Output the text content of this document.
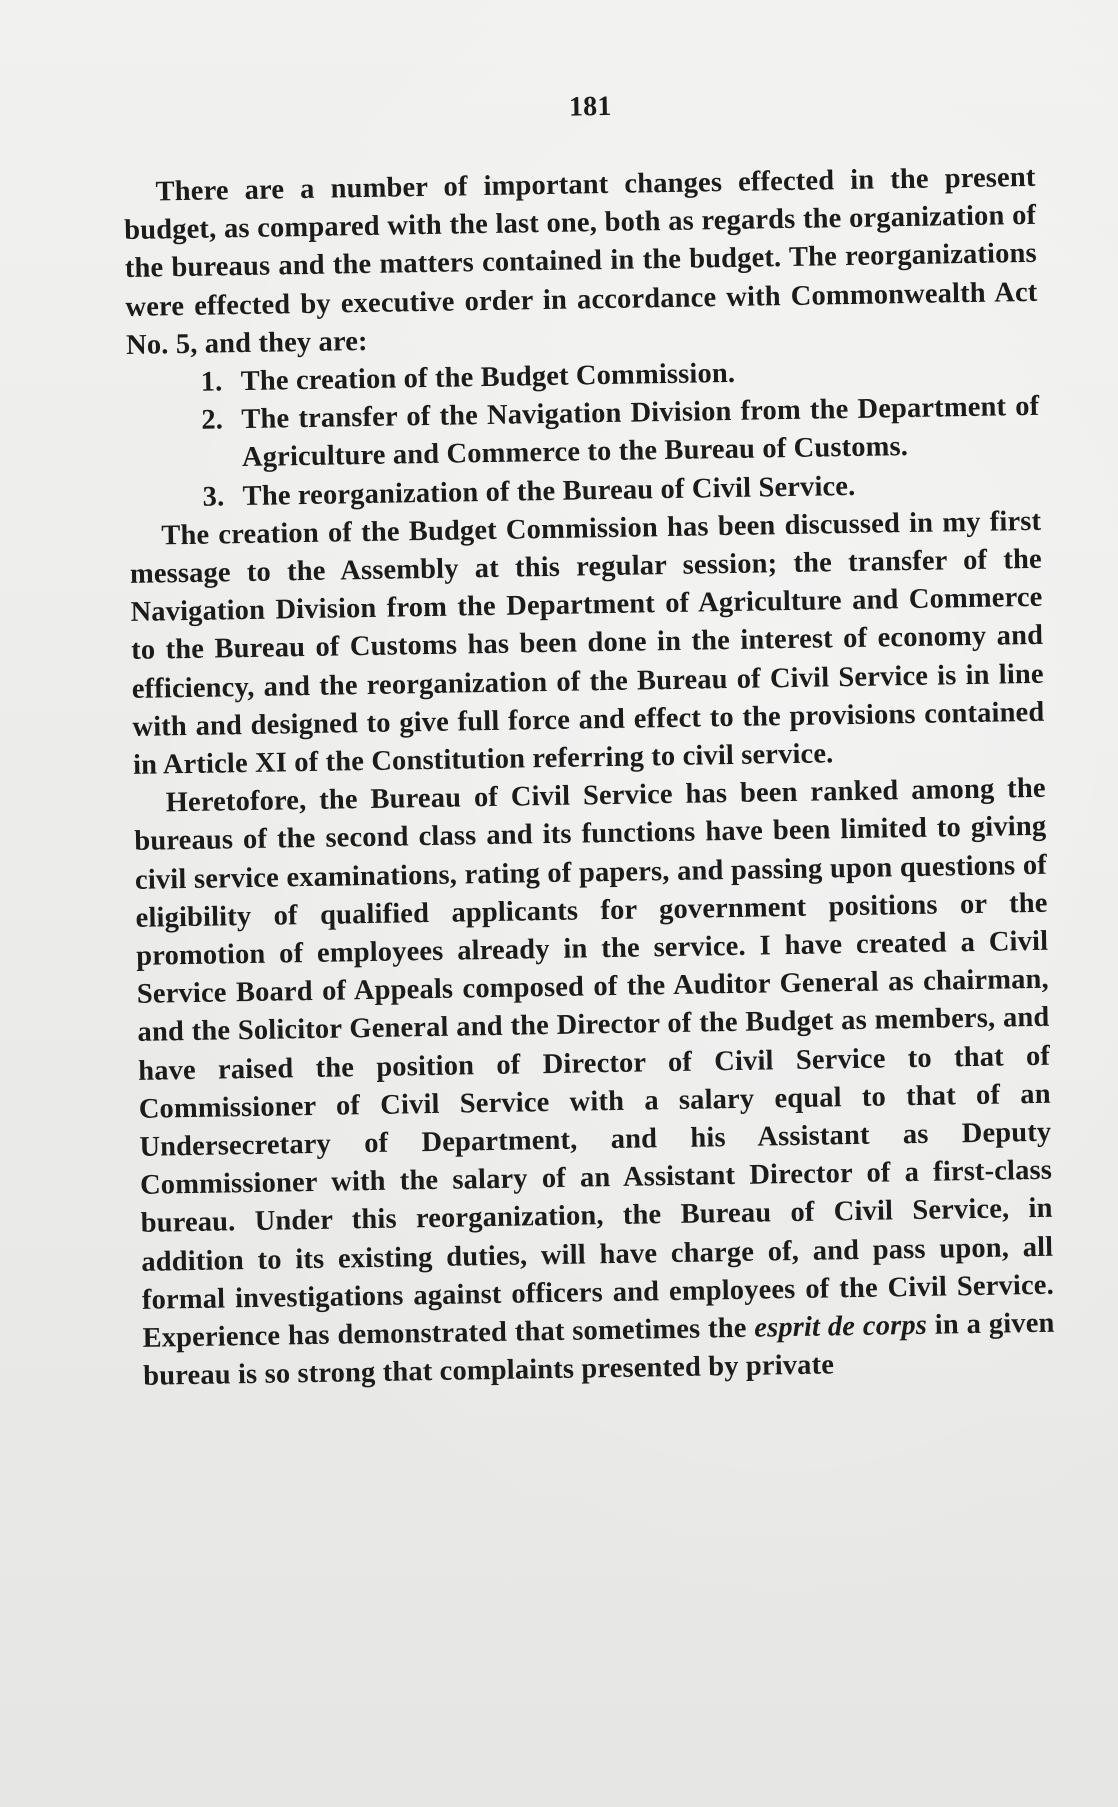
181

There are a number of important changes effected in the present budget, as compared with the last one, both as regards the organization of the bureaus and the matters contained in the budget. The reorganizations were effected by executive order in accordance with Commonwealth Act No. 5, and they are:

1. The creation of the Budget Commission.
2. The transfer of the Navigation Division from the Department of Agriculture and Commerce to the Bureau of Customs.
3. The reorganization of the Bureau of Civil Service.

The creation of the Budget Commission has been discussed in my first message to the Assembly at this regular session; the transfer of the Navigation Division from the Department of Agriculture and Commerce to the Bureau of Customs has been done in the interest of economy and efficiency, and the reorganization of the Bureau of Civil Service is in line with and designed to give full force and effect to the provisions contained in Article XI of the Constitution referring to civil service.

Heretofore, the Bureau of Civil Service has been ranked among the bureaus of the second class and its functions have been limited to giving civil service examinations, rating of papers, and passing upon questions of eligibility of qualified applicants for government positions or the promotion of employees already in the service. I have created a Civil Service Board of Appeals composed of the Auditor General as chairman, and the Solicitor General and the Director of the Budget as members, and have raised the position of Director of Civil Service to that of Commissioner of Civil Service with a salary equal to that of an Undersecretary of Department, and his Assistant as Deputy Commissioner with the salary of an Assistant Director of a first-class bureau. Under this reorganization, the Bureau of Civil Service, in addition to its existing duties, will have charge of, and pass upon, all formal investigations against officers and employees of the Civil Service. Experience has demonstrated that sometimes the esprit de corps in a given bureau is so strong that complaints presented by private
